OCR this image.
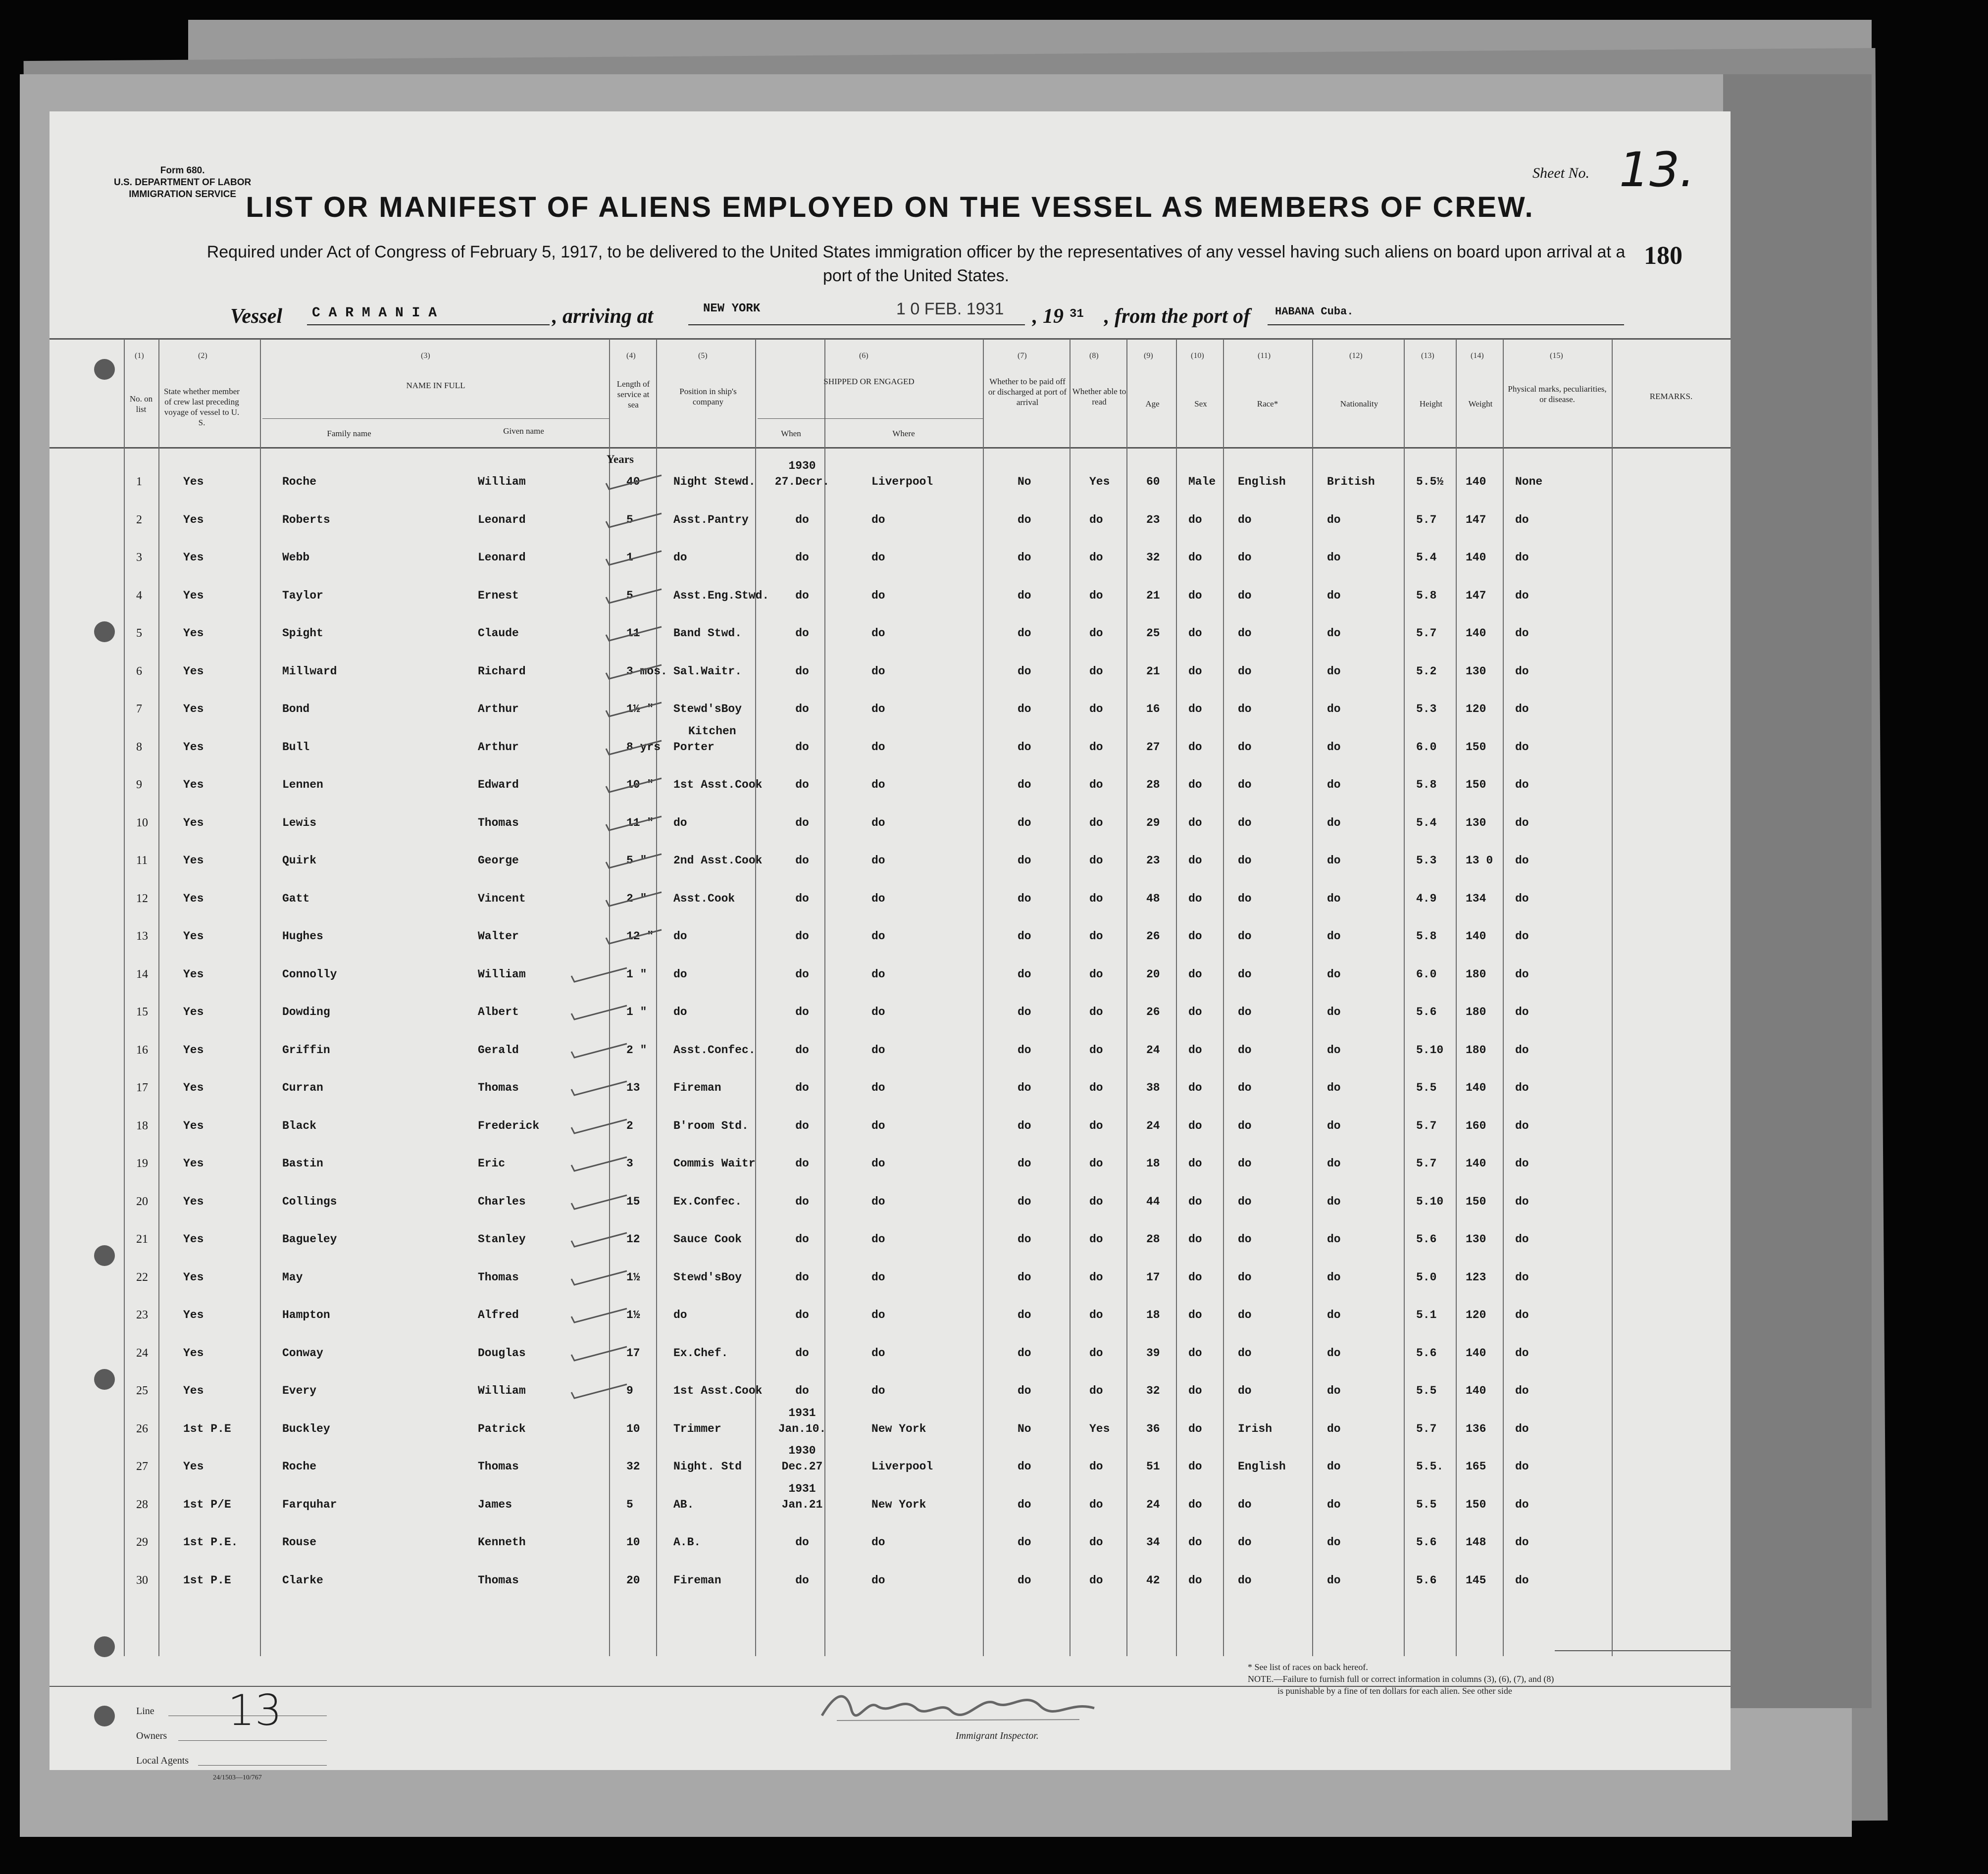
Form 680.
U.S. DEPARTMENT OF LABOR
IMMIGRATION SERVICE
Sheet No. 13.
LIST OR MANIFEST OF ALIENS EMPLOYED ON THE VESSEL AS MEMBERS OF CREW.
Required under Act of Congress of February 5, 1917, to be delivered to the United States immigration officer by the representatives of any vessel having such aliens on board upon arrival at a port of the United States.
180
Vessel C A R M A N I A	, arriving at	NEW YORK	1 0 FEB. 1931 , 19 31 , from the port of HABANA Cuba.
(1)	(2)	(3)	(4)	(5)	(6)	(7)	(8)	(9)	(10)	(11)	(12)	(13)	(14)	(15)
No. on list
State whether member of crew last preceding voyage of vessel to U. S.
NAME IN FULL
Family name	Given name
Length of service at sea
Position in ship's company
SHIPPED OR ENGAGED
When	Where
Whether to be paid off or discharged at port of arrival
Whether able to read	Age	Sex	Race*	Nationality	Height	Weight
Physical marks, peculiarities, or disease.	REMARKS.
Years
1	Yes	Roche	William	40	Night Stewd. 27.Decr.	Liverpool	No	Yes	60 Male English	British	5.5½ 140	None
1930
2	Yes	Roberts	Leonard	5	Asst.Pantry	do	do	do	do	23 do	do	do	5.7	147	do
3	Yes	Webb	Leonard	1	do	do	do	do	do	32 do	do	do	5.4	140	do
4	Yes	Taylor	Ernest	5	Asst.Eng.Stwd. do	do	do	do	21 do	do	do	5.8	147	do
5	Yes	Spight	Claude	11	Band Stwd.	do	do	do	do	25 do	do	do	5.7	140	do
6	Yes	Millward	Richard	3 mos. Sal.Waitr.	do	do	do	do	21 do	do	do	5.2	130	do
7	Yes	Bond	Arthur	1½ " Stewd'sBoy	do	do	do	do	16 do	do	do	5.3	120	do
8	Yes	Bull	Arthur	8 yrs Porter	do	do	do	do	27 do	do	do	6.0	150	do
Kitchen
9	Yes	Lennen	Edward	10 " 1st Asst.Cook	do	do	do	do	28 do	do	do	5.8	150	do
10	Yes	Lewis	Thomas	11 " do	do	do	do	do	29 do	do	do	5.4	130	do
11	Yes	Quirk	George	5 " 2nd Asst.Cook	do	do	do	do	23 do	do	do	5.3	13 0 do
12	Yes	Gatt	Vincent	2 " Asst.Cook	do	do	do	do	48 do	do	do	4.9	134	do
13	Yes	Hughes	Walter	12 " do	do	do	do	do	26 do	do	do	5.8	140	do
14	Yes	Connolly	William	1 " do	do	do	do	do	20 do	do	do	6.0	180	do
15	Yes	Dowding	Albert	1 " do	do	do	do	do	26 do	do	do	5.6	180	do
16	Yes	Griffin	Gerald	2 " Asst.Confec.	do	do	do	do	24 do	do	do	5.10 180	do
17	Yes	Curran	Thomas	13	Fireman	do	do	do	do	38 do	do	do	5.5	140	do
18	Yes	Black	Frederick	2	B'room Std.	do	do	do	do	24 do	do	do	5.7	160	do
19	Yes	Bastin	Eric	3	Commis Waitr	do	do	do	do	18 do	do	do	5.7	140	do
20	Yes	Collings	Charles	15	Ex.Confec.	do	do	do	do	44 do	do	do	5.10 150	do
21	Yes	Bagueley	Stanley	12	Sauce Cook	do	do	do	do	28 do	do	do	5.6	130	do
22	Yes	May	Thomas	1½	Stewd'sBoy	do	do	do	do	17 do	do	do	5.0	123	do
23	Yes	Hampton	Alfred	1½	do	do	do	do	do	18 do	do	do	5.1	120	do
24	Yes	Conway	Douglas	17	Ex.Chef.	do	do	do	do	39 do	do	do	5.6	140	do
25	Yes	Every	William	9	1st Asst.Cook	do	do	do	do	32 do	do	do	5.5	140	do
26	1st P.E	Buckley	Patrick	10	Trimmer	Jan.10.	New York	No	Yes	36 do	Irish	do	5.7	136	do
1931
27	Yes	Roche	Thomas	32	Night. Std	Dec.27	Liverpool	do	do	51 do	English	do	5.5. 165	do
1930
28	1st P/E	Farquhar	James	5	AB.	Jan.21	New York	do	do	24 do	do	do	5.5	150	do
1931
29	1st P.E.	Rouse	Kenneth	10	A.B.	do	do	do	do	34 do	do	do	5.6	148	do
30	1st P.E	Clarke	Thomas	20	Fireman	do	do	do	do	42 do	do	do	5.6	145	do
Line
Owners
Local Agents
13
Immigrant Inspector.
24/1503—10/767
* See list of races on back hereof.
NOTE.—Failure to furnish full or correct information in columns (3), (6), (7), and (8)
is punishable by a fine of ten dollars for each alien. See other side
